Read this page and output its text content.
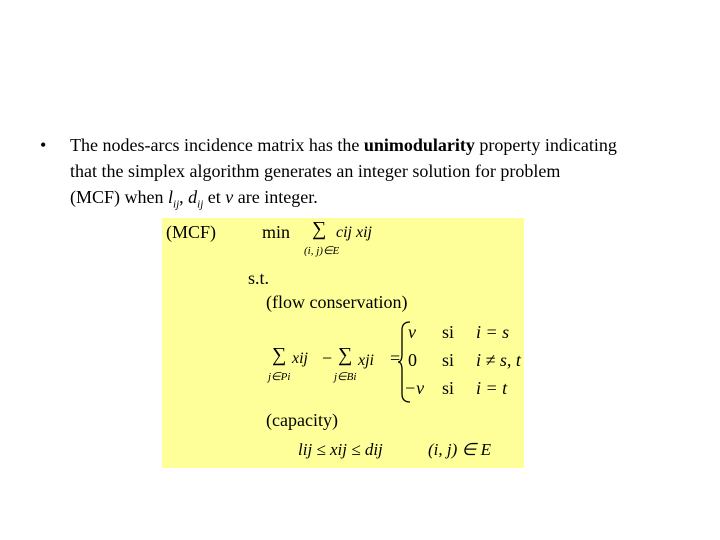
• The nodes-arcs incidence matrix has the unimodularity property indicating
that the simplex algorithm generates an integer solution for problem
(MCF) when $l_{ij}$, $d_{ij}$ et v are integer.
(MCF)	min ∑
(i, j)∈E
cij xij
s.t.
(flow conservation)
∑
j∈Pi
xij − ∑
j∈Bi
xji =
v si i = s
0 si i ≠ s, t
−v si i = t
(capacity)
lij ≤ xij ≤ dij	(i, j) ∈ E
